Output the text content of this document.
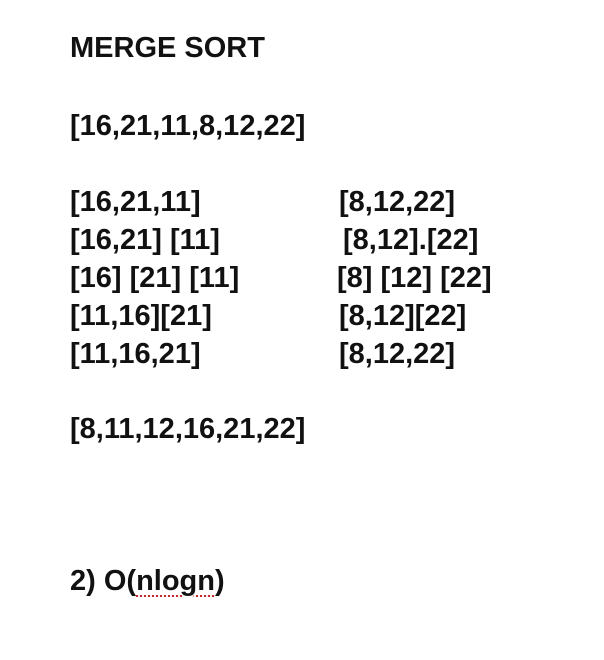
MERGE SORT
[16,21,11,8,12,22]
[16,21,11]
[16,21] [11]
[16] [21] [11]
[11,16][21]
[11,16,21]
[8,12,22]
[8,12].[22]
[8] [12] [22]
[8,12][22]
[8,12,22]
[8,11,12,16,21,22]
2) O(nlogn)
